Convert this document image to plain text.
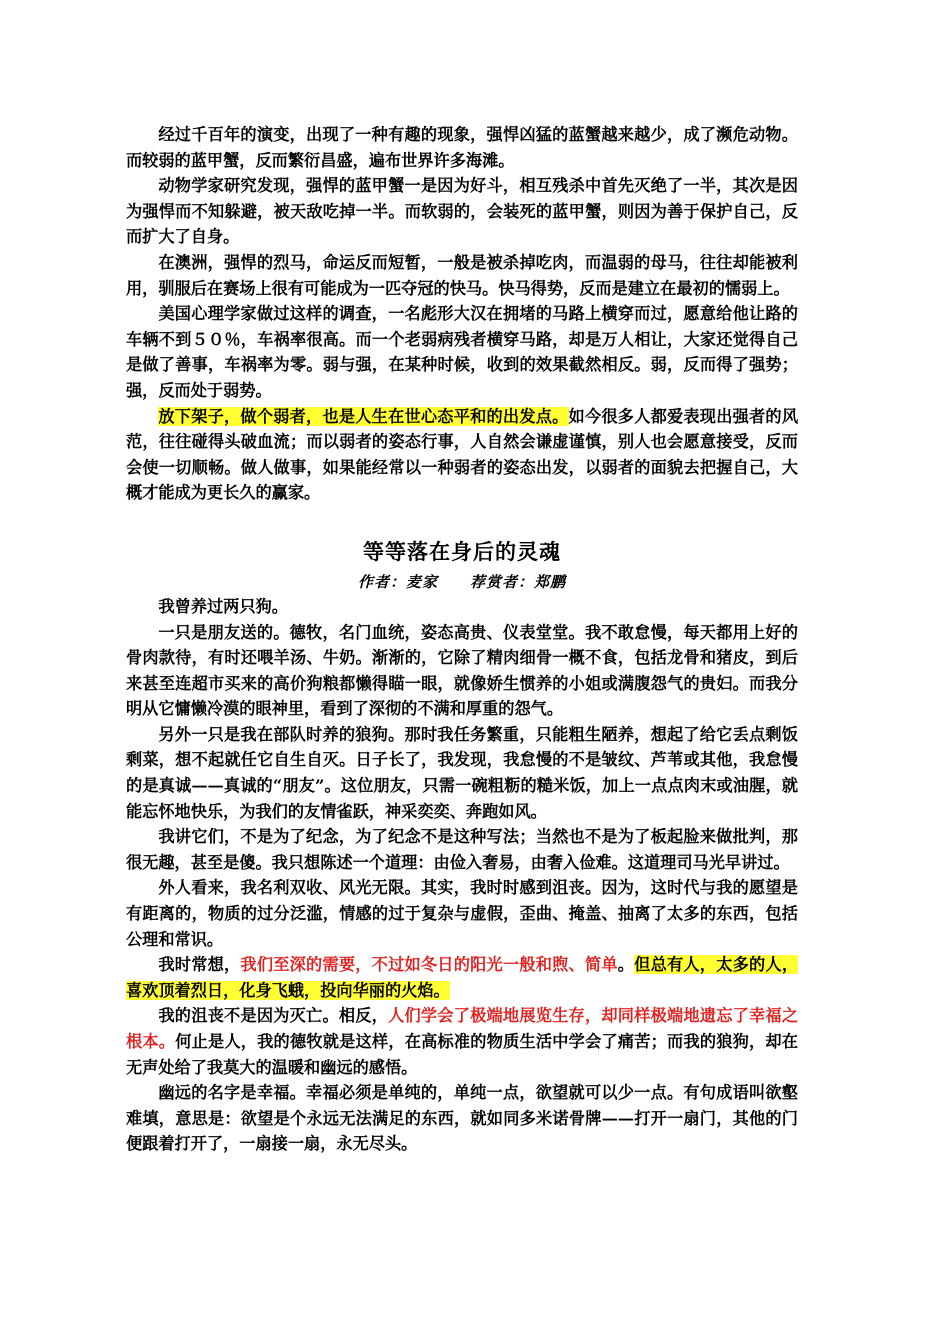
经过千百年的演变，出现了一种有趣的现象，强悍凶猛的蓝蟹越来越少，成了濒危动物。而较弱的蓝甲蟹，反而繁衍昌盛，遍布世界许多海滩。

动物学家研究发现，强悍的蓝甲蟹一是因为好斗，相互残杀中首先灭绝了一半，其次是因为强悍而不知躲避，被天敌吃掉一半。而软弱的，会装死的蓝甲蟹，则因为善于保护自己，反而扩大了自身。

在澳洲，强悍的烈马，命运反而短暂，一般是被杀掉吃肉，而温弱的母马，往往却能被利用，驯服后在赛场上很有可能成为一匹夺冠的快马。快马得势，反而是建立在最初的懦弱上。

美国心理学家做过这样的调查，一名彪形大汉在拥堵的马路上横穿而过，愿意给他让路的车辆不到５０％，车祸率很高。而一个老弱病残者横穿马路，却是万人相让，大家还觉得自己是做了善事，车祸率为零。弱与强，在某种时候，收到的效果截然相反。弱，反而得了强势；强，反而处于弱势。

放下架子，做个弱者，也是人生在世心态平和的出发点。如今很多人都爱表现出强者的风范，往往碰得头破血流；而以弱者的姿态行事，人自然会谦虚谨慎，别人也会愿意接受，反而会使一切顺畅。做人做事，如果能经常以一种弱者的姿态出发，以弱者的面貌去把握自己，大概才能成为更长久的赢家。

等等落在身后的灵魂
作者：麦家 荐赏者：郑鹏

我曾养过两只狗。

一只是朋友送的。德牧，名门血统，姿态高贵、仪表堂堂。我不敢怠慢，每天都用上好的骨肉款待，有时还喂羊汤、牛奶。渐渐的，它除了精肉细骨一概不食，包括龙骨和猪皮，到后来甚至连超市买来的高价狗粮都懒得瞄一眼，就像娇生惯养的小姐或满腹怨气的贵妇。而我分明从它慵懒冷漠的眼神里，看到了深彻的不满和厚重的怨气。

另外一只是我在部队时养的狼狗。那时我任务繁重，只能粗生陋养，想起了给它丢点剩饭剩菜，想不起就任它自生自灭。日子长了，我发现，我怠慢的不是皱纹、芦苇或其他，我怠慢的是真诚——真诚的“朋友”。这位朋友，只需一碗粗粝的糙米饭，加上一点点肉末或油腥，就能忘怀地快乐，为我们的友情雀跃，神采奕奕、奔跑如风。

我讲它们，不是为了纪念，为了纪念不是这种写法；当然也不是为了板起脸来做批判，那很无趣，甚至是傻。我只想陈述一个道理：由俭入奢易，由奢入俭难。这道理司马光早讲过。

外人看来，我名利双收、风光无限。其实，我时时感到沮丧。因为，这时代与我的愿望是有距离的，物质的过分泛滥，情感的过于复杂与虚假，歪曲、掩盖、抽离了太多的东西，包括公理和常识。

我时常想，我们至深的需要，不过如冬日的阳光一般和煦、简单。但总有人，太多的人，喜欢顶着烈日，化身飞蛾，投向华丽的火焰。

我的沮丧不是因为灭亡。相反，人们学会了极端地展览生存，却同样极端地遗忘了幸福之根本。何止是人，我的德牧就是这样，在高标准的物质生活中学会了痛苦；而我的狼狗，却在无声处给了我莫大的温暖和幽远的感悟。

幽远的名字是幸福。幸福必须是单纯的，单纯一点，欲望就可以少一点。有句成语叫欲壑难填，意思是：欲望是个永远无法满足的东西，就如同多米诺骨牌——打开一扇门，其他的门便跟着打开了，一扇接一扇，永无尽头。
